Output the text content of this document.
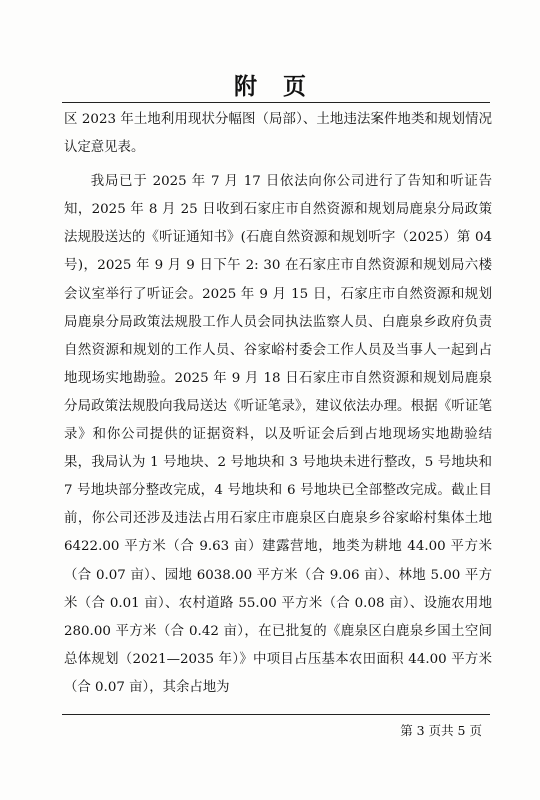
附页

区 2023 年土地利用现状分幅图（局部）、土地违法案件地类和规划情况认定意见表。

我局已于 2025 年 7 月 17 日依法向你公司进行了告知和听证告知，2025 年 8 月 25 日收到石家庄市自然资源和规划局鹿泉分局政策法规股送达的《听证通知书》(石鹿自然资源和规划听字（2025）第 04 号)，2025 年 9 月 9 日下午 2: 30 在石家庄市自然资源和规划局六楼会议室举行了听证会。2025 年 9 月 15 日，石家庄市自然资源和规划局鹿泉分局政策法规股工作人员会同执法监察人员、白鹿泉乡政府负责自然资源和规划的工作人员、谷家峪村委会工作人员及当事人一起到占地现场实地勘验。2025 年 9 月 18 日石家庄市自然资源和规划局鹿泉分局政策法规股向我局送达《听证笔录》，建议依法办理。根据《听证笔录》和你公司提供的证据资料，以及听证会后到占地现场实地勘验结果，我局认为 1 号地块、2 号地块和 3 号地块未进行整改，5 号地块和 7 号地块部分整改完成，4 号地块和 6 号地块已全部整改完成。截止目前，你公司还涉及违法占用石家庄市鹿泉区白鹿泉乡谷家峪村集体土地 6422.00 平方米（合 9.63 亩）建露营地，地类为耕地 44.00 平方米（合 0.07 亩）、园地 6038.00 平方米（合 9.06 亩）、林地 5.00 平方米（合 0.01 亩）、农村道路 55.00 平方米（合 0.08 亩）、设施农用地 280.00 平方米（合 0.42 亩），在已批复的《鹿泉区白鹿泉乡国土空间总体规划（2021—2035 年）》中项目占压基本农田面积 44.00 平方米（合 0.07 亩），其余占地为

第 3 页共 5 页
